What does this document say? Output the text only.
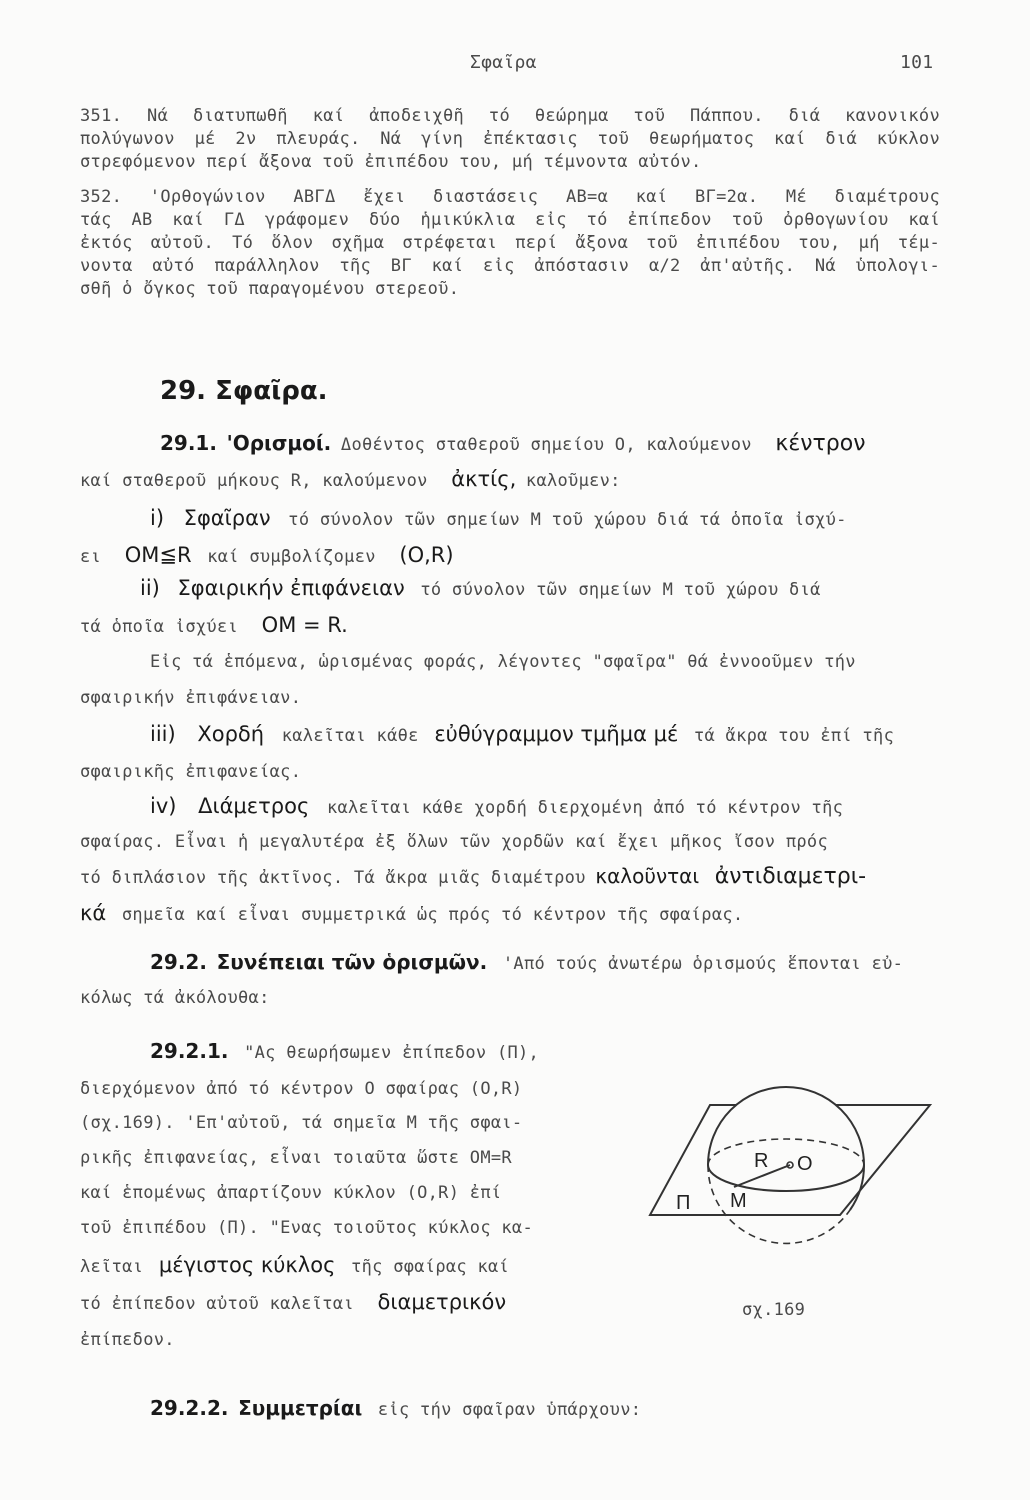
Σφαῖρα	101
351. Νά διατυπωθῆ καί ἀποδειχθῆ τό θεώρημα τοῦ Πάππου. διά κανονικόν
πολύγωνον μέ 2ν πλευράς. Νά γίνη ἐπέκτασις τοῦ θεωρήματος καί διά κύκλον
στρεφόμενον περί ἄξονα τοῦ ἐπιπέδου του, μή τέμνοντα αὐτόν.
352. 'Ορθογώνιον ΑΒΓΔ ἔχει διαστάσεις ΑΒ=α καί ΒΓ=2α. Μέ διαμέτρους
τάς ΑΒ καί ΓΔ γράφομεν δύο ἡμικύκλια εἰς τό ἐπίπεδον τοῦ ὀρθογωνίου καί
ἐκτός αὐτοῦ. Τό ὅλον σχῆμα στρέφεται περί ἄξονα τοῦ ἐπιπέδου του, μή τέμ-
νοντα αὐτό παράλληλον τῆς ΒΓ καί εἰς ἀπόστασιν α/2 ἀπ'αὐτῆς. Νά ὑπολογι-
σθῆ ὁ ὄγκος τοῦ παραγομένου στερεοῦ.
29. Σφαῖρα.
29.1. 'Ορισμοί. Δοθέντος σταθεροῦ σημείου O, καλούμενον κέντρον
καί σταθεροῦ μήκους R, καλούμενον ἀκτίς, καλοῦμεν:
i) Σφαῖραν τό σύνολον τῶν σημείων M τοῦ χώρου διά τά ὁποῖα ἰσχύ-
ει OM≦R καί συμβολίζομεν (O,R)
ii) Σφαιρικήν ἐπιφάνειαν τό σύνολον τῶν σημείων M τοῦ χώρου διά
τά ὁποῖα ἰσχύει OM = R.
Εἰς τά ἑπόμενα, ὡρισμένας φοράς, λέγοντες "σφαῖρα" θά ἐννοοῦμεν τήν
σφαιρικήν ἐπιφάνειαν.
iii) Χορδή καλεῖται κάθε εὐθύγραμμον τμῆμα μέ τά ἄκρα του ἐπί τῆς
σφαιρικῆς ἐπιφανείας.
iv) Διάμετρος καλεῖται κάθε χορδή διερχομένη ἀπό τό κέντρον τῆς
σφαίρας. Εἶναι ἡ μεγαλυτέρα ἐξ ὅλων τῶν χορδῶν καί ἔχει μῆκος ἴσον πρός
τό διπλάσιον τῆς ἀκτῖνος. Τά ἄκρα μιᾶς διαμέτρου καλοῦνται ἀντιδιαμετρι-
κά σημεῖα καί εἶναι συμμετρικά ὡς πρός τό κέντρον τῆς σφαίρας.
29.2. Συνέπειαι τῶν ὁρισμῶν. 'Από τούς ἀνωτέρω ὁρισμούς ἕπονται εὐ-
κόλως τά ἀκόλουθα:
29.2.1. "Ας θεωρήσωμεν ἐπίπεδον (Π),
διερχόμενον ἀπό τό κέντρον O σφαίρας (O,R)
(σχ.169). 'Επ'αὐτοῦ, τά σημεῖα M τῆς σφαι-
ρικῆς ἐπιφανείας, εἶναι τοιαῦτα ὥστε OM=R
καί ἑπομένως ἀπαρτίζουν κύκλον (O,R) ἐπί
τοῦ ἐπιπέδου (Π). "Ενας τοιοῦτος κύκλος κα-
λεῖται μέγιστος κύκλος τῆς σφαίρας καί
τό ἐπίπεδον αὐτοῦ καλεῖται διαμετρικόν
ἐπίπεδον.
R O
M
Π
σχ.169
29.2.2. Συμμετρίαι εἰς τήν σφαῖραν ὑπάρχουν:
